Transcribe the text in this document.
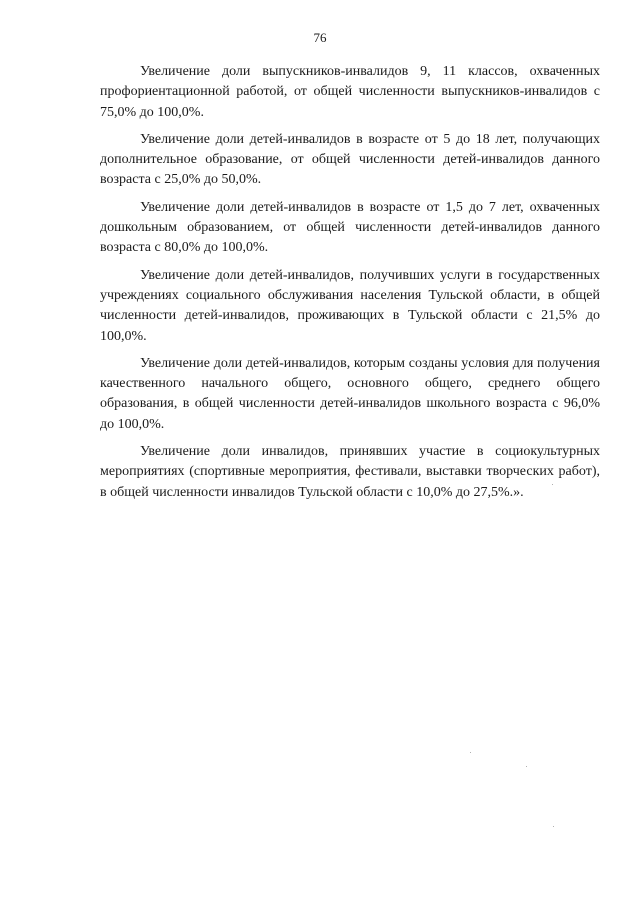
76

Увеличение доли выпускников-инвалидов 9, 11 классов, охваченных профориентационной работой, от общей численности выпускников-инвалидов с 75,0% до 100,0%.

Увеличение доли детей-инвалидов в возрасте от 5 до 18 лет, получающих дополнительное образование, от общей численности детей-инвалидов данного возраста с 25,0% до 50,0%.

Увеличение доли детей-инвалидов в возрасте от 1,5 до 7 лет, охваченных дошкольным образованием, от общей численности детей-инвалидов данного возраста с 80,0% до 100,0%.

Увеличение доли детей-инвалидов, получивших услуги в государственных учреждениях социального обслуживания населения Тульской области, в общей численности детей-инвалидов, проживающих в Тульской области с 21,5% до 100,0%.

Увеличение доли детей-инвалидов, которым созданы условия для получения качественного начального общего, основного общего, среднего общего образования, в общей численности детей-инвалидов школьного возраста с 96,0% до 100,0%.

Увеличение доли инвалидов, принявших участие в социокультурных мероприятиях (спортивные мероприятия, фестивали, выставки творческих работ), в общей численности инвалидов Тульской области с 10,0% до 27,5%.».
